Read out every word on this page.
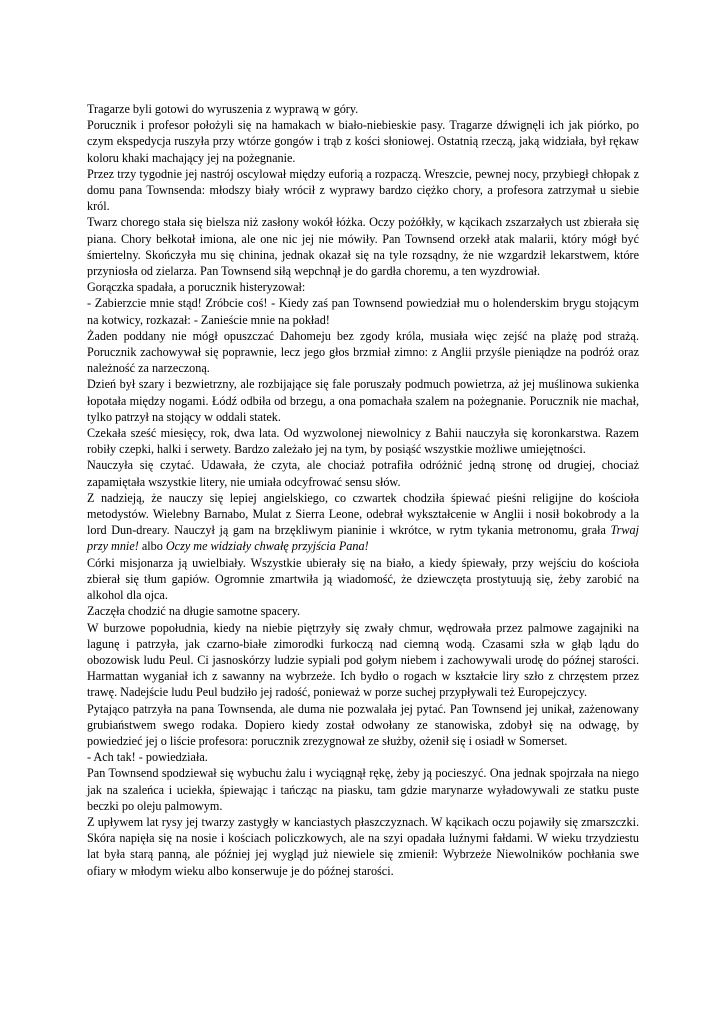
Tragarze byli gotowi do wyruszenia z wyprawą w góry.

Porucznik i profesor położyli się na hamakach w biało-niebieskie pasy. Tragarze dźwignęli ich jak piórko, po czym ekspedycja ruszyła przy wtórze gongów i trąb z kości słoniowej. Ostatnią rzeczą, jaką widziała, był rękaw koloru khaki machający jej na pożegnanie.

Przez trzy tygodnie jej nastrój oscylował między euforią a rozpaczą. Wreszcie, pewnej nocy, przybiegł chłopak z domu pana Townsenda: młodszy biały wrócił z wyprawy bardzo ciężko chory, a profesora zatrzymał u siebie król.

Twarz chorego stała się bielsza niż zasłony wokół łóżka. Oczy pożółkły, w kącikach zszarzałych ust zbierała się piana. Chory bełkotał imiona, ale one nic jej nie mówiły. Pan Townsend orzekł atak malarii, który mógł być śmiertelny. Skończyła mu się chinina, jednak okazał się na tyle rozsądny, że nie wzgardził lekarstwem, które przyniosła od zielarza. Pan Townsend siłą wepchnął je do gardła choremu, a ten wyzdrowiał.

Gorączka spadała, a porucznik histeryzował:

- Zabierzcie mnie stąd! Zróbcie coś! - Kiedy zaś pan Townsend powiedział mu o holenderskim brygu stojącym na kotwicy, rozkazał: - Zanieście mnie na pokład!

Żaden poddany nie mógł opuszczać Dahomeju bez zgody króla, musiała więc zejść na plażę pod strażą. Porucznik zachowywał się poprawnie, lecz jego głos brzmiał zimno: z Anglii przyśle pieniądze na podróż oraz należność za narzeczoną.

Dzień był szary i bezwietrzny, ale rozbijające się fale poruszały podmuch powietrza, aż jej muślinowa sukienka łopotała między nogami. Łódź odbiła od brzegu, a ona pomachała szalem na pożegnanie. Porucznik nie machał, tylko patrzył na stojący w oddali statek.

Czekała sześć miesięcy, rok, dwa lata. Od wyzwolonej niewolnicy z Bahii nauczyła się koronkarstwa. Razem robiły czepki, halki i serwety. Bardzo zależało jej na tym, by posiąść wszystkie możliwe umiejętności.

Nauczyła się czytać. Udawała, że czyta, ale chociaż potrafiła odróżnić jedną stronę od drugiej, chociaż zapamiętała wszystkie litery, nie umiała odcyfrować sensu słów.

Z nadzieją, że nauczy się lepiej angielskiego, co czwartek chodziła śpiewać pieśni religijne do kościoła metodystów. Wielebny Barnabo, Mulat z Sierra Leone, odebrał wykształcenie w Anglii i nosił bokobrody a la lord Dun-dreary. Nauczył ją gam na brzękliwym pianinie i wkrótce, w rytm tykania metronomu, grała Trwaj przy mnie! albo Oczy me widziały chwałę przyjścia Pana!

Córki misjonarza ją uwielbiały. Wszystkie ubierały się na biało, a kiedy śpiewały, przy wejściu do kościoła zbierał się tłum gapiów. Ogromnie zmartwiła ją wiadomość, że dziewczęta prostytuują się, żeby zarobić na alkohol dla ojca.

Zaczęła chodzić na długie samotne spacery.

W burzowe popołudnia, kiedy na niebie piętrzyły się zwały chmur, wędrowała przez palmowe zagajniki na lagunę i patrzyła, jak czarno-białe zimorodki furkoczą nad ciemną wodą. Czasami szła w głąb lądu do obozowisk ludu Peul. Ci jasnoskórzy ludzie sypiali pod gołym niebem i zachowywali urodę do późnej starości. Harmattan wyganiał ich z sawanny na wybrzeże. Ich bydło o rogach w kształcie liry szło z chrzęstem przez trawę. Nadejście ludu Peul budziło jej radość, ponieważ w porze suchej przypływali też Europejczycy.

Pytająco patrzyła na pana Townsenda, ale duma nie pozwalała jej pytać. Pan Townsend jej unikał, zażenowany grubiaństwem swego rodaka. Dopiero kiedy został odwołany ze stanowiska, zdobył się na odwagę, by powiedzieć jej o liście profesora: porucznik zrezygnował ze służby, ożenił się i osiadł w Somerset.

- Ach tak! - powiedziała.

Pan Townsend spodziewał się wybuchu żalu i wyciągnął rękę, żeby ją pocieszyć. Ona jednak spojrzała na niego jak na szaleńca i uciekła, śpiewając i tańcząc na piasku, tam gdzie marynarze wyładowywali ze statku puste beczki po oleju palmowym.

Z upływem lat rysy jej twarzy zastygły w kanciastych płaszczyznach. W kącikach oczu pojawiły się zmarszczki. Skóra napięła się na nosie i kościach policzkowych, ale na szyi opadała luźnymi fałdami. W wieku trzydziestu lat była starą panną, ale później jej wygląd już niewiele się zmienił: Wybrzeże Niewolników pochłania swe ofiary w młodym wieku albo konserwuje je do późnej starości.
